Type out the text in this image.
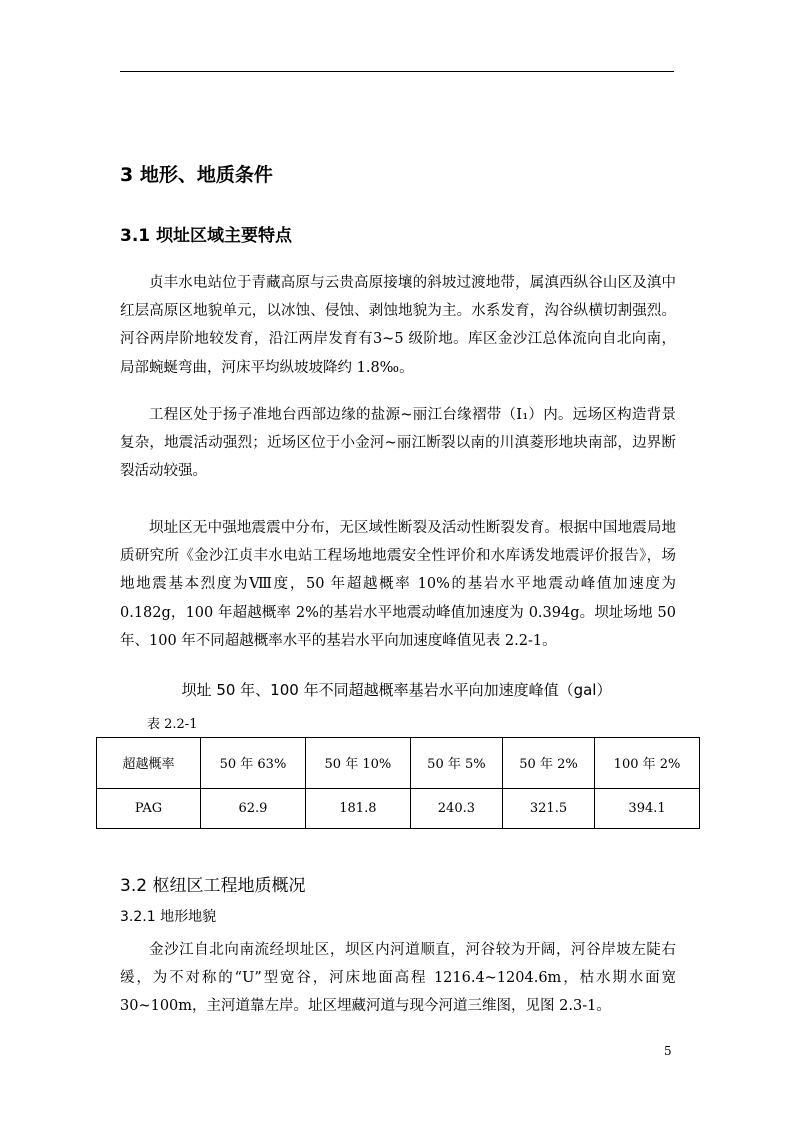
3 地形、地质条件
3.1 坝址区域主要特点

贞丰水电站位于青藏高原与云贵高原接壤的斜坡过渡地带，属滇西纵谷山区及滇中红层高原区地貌单元，以冰蚀、侵蚀、剥蚀地貌为主。水系发育，沟谷纵横切割强烈。河谷两岸阶地较发育，沿江两岸发育有3~5 级阶地。库区金沙江总体流向自北向南，局部蜿蜒弯曲，河床平均纵坡坡降约 1.8‰。

工程区处于扬子准地台西部边缘的盐源~丽江台缘褶带（Ⅰ₁）内。远场区构造背景复杂，地震活动强烈；近场区位于小金河~丽江断裂以南的川滇菱形地块南部，边界断裂活动较强。

坝址区无中强地震震中分布，无区域性断裂及活动性断裂发育。根据中国地震局地质研究所《金沙江贞丰水电站工程场地地震安全性评价和水库诱发地震评价报告》，场地地震基本烈度为Ⅷ度，50 年超越概率 10%的基岩水平地震动峰值加速度为 0.182g，100 年超越概率 2%的基岩水平地震动峰值加速度为 0.394g。坝址场地 50 年、100 年不同超越概率水平的基岩水平向加速度峰值见表 2.2-1。

坝址 50 年、100 年不同超越概率基岩水平向加速度峰值（gal）
表 2.2-1
超越概率	50 年 63%	50 年 10%	50 年 5%	50 年 2%	100 年 2%
PAG	62.9	181.8	240.3	321.5	394.1
3.2 枢纽区工程地质概况
3.2.1 地形地貌

金沙江自北向南流经坝址区，坝区内河道顺直，河谷较为开阔，河谷岸坡左陡右缓，为不对称的“U”型宽谷，河床地面高程 1216.4~1204.6m，枯水期水面宽 30~100m，主河道靠左岸。址区埋藏河道与现今河道三维图，见图 2.3-1。

5
